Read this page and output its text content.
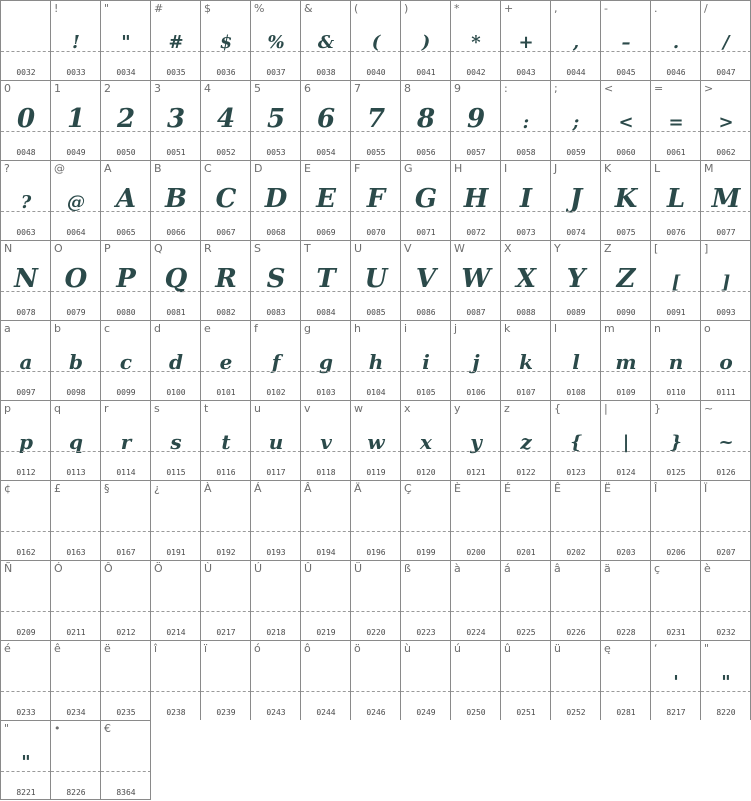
0032
!
!
0033
"
"
0034
#
#
0035
$
$
0036
%
%
0037
&
&
0038
(
(
0040
)
)
0041
*
*
0042
+
+
0043
,
,
0044
-
–
0045
.
.
0046
/
/
0047
0
0
0048
1
1
0049
2
2
0050
3
3
0051
4
4
0052
5
5
0053
6
6
0054
7
7
0055
8
8
0056
9
9
0057
:
:
0058
;
;
0059
<
<
0060
=
=
0061
>
>
0062
?
?
0063
@
@
0064
A
A
0065
B
B
0066
C
C
0067
D
D
0068
E
E
0069
F
F
0070
G
G
0071
H
H
0072
I
I
0073
J
J
0074
K
K
0075
L
L
0076
M
M
0077
N
N
0078
O
O
0079
P
P
0080
Q
Q
0081
R
R
0082
S
S
0083
T
T
0084
U
U
0085
V
V
0086
W
W
0087
X
X
0088
Y
Y
0089
Z
Z
0090
[
[
0091
]
]
0093
a
a
0097
b
b
0098
c
c
0099
d
d
0100
e
e
0101
f
f
0102
g
g
0103
h
h
0104
i
i
0105
j
j
0106
k
k
0107
l
l
0108
m
m
0109
n
n
0110
o
o
0111
p
p
0112
q
q
0113
r
r
0114
s
s
0115
t
t
0116
u
u
0117
v
v
0118
w
w
0119
x
x
0120
y
y
0121
z
z
0122
{
{
0123
|
|
0124
}
}
0125
~
~
0126
¢
0162
£
0163
§
0167
¿
0191
À
0192
Á
0193
Â
0194
Ä
0196
Ç
0199
È
0200
É
0201
Ê
0202
Ë
0203
Î
0206
Ï
0207
Ñ
0209
Ó
0211
Ô
0212
Ö
0214
Ù
0217
Ú
0218
Û
0219
Ü
0220
ß
0223
à
0224
á
0225
â
0226
ä
0228
ç
0231
è
0232
é
0233
ê
0234
ë
0235
î
0238
ï
0239
ó
0243
ô
0244
ö
0246
ù
0249
ú
0250
û
0251
ü
0252
ę
0281
‘
'
8217
"
"
8220
"
"
8221
•
8226
€
8364
